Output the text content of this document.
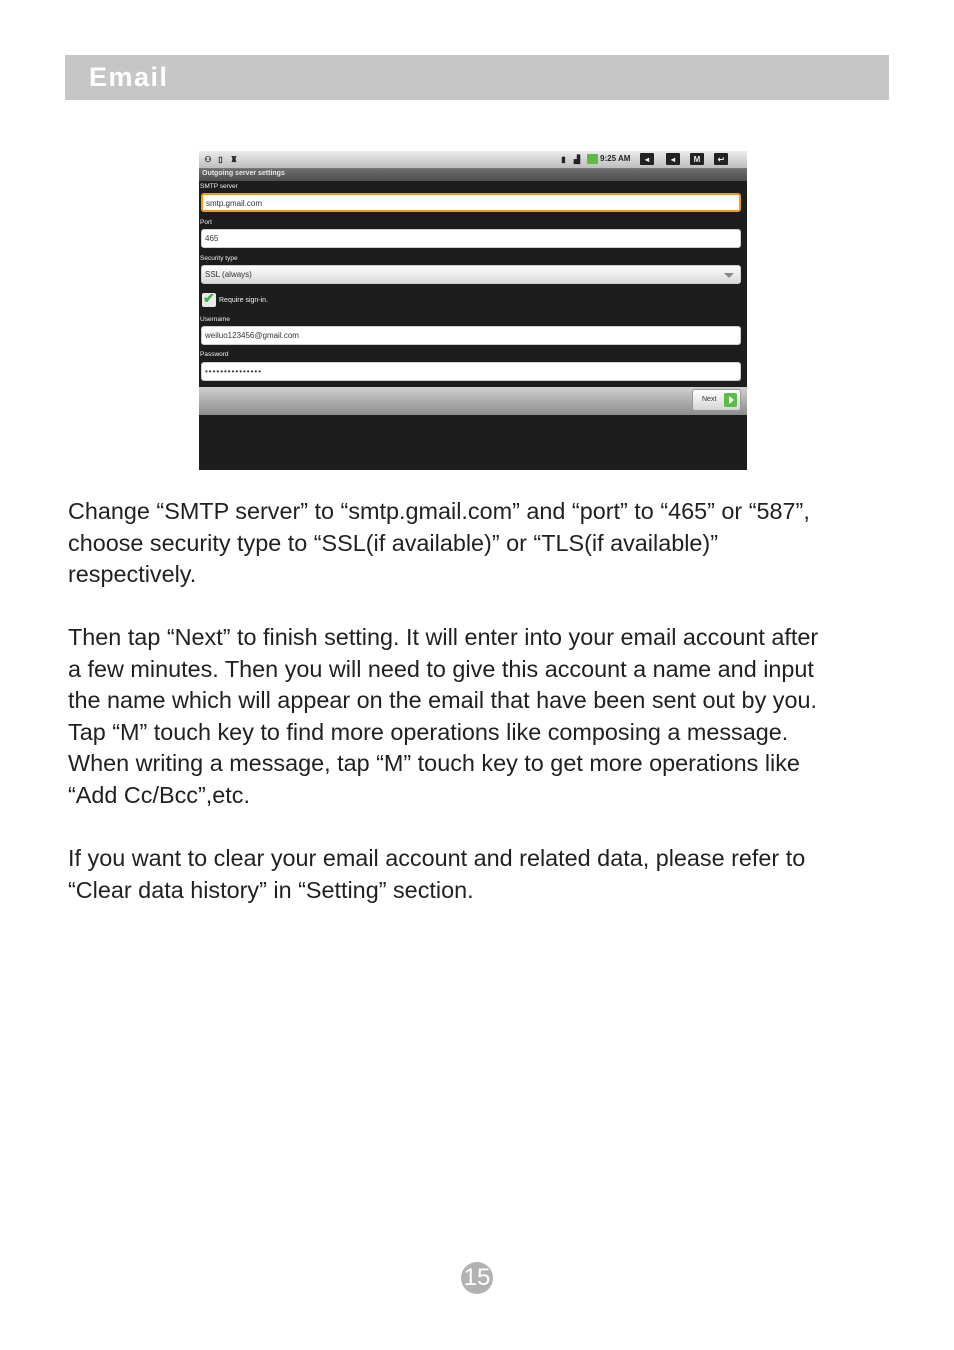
Email
⚇ ▯ ♜	▮	▟	9:25 AM	◂	◂	M	↩
Outgoing server settings
SMTP server
smtp.gmail.com
Port
465
Security type
SSL (always)
✔ Require sign-in.
Username
weiluo123456@gmail.com
Password
•••••••••••••••
Next

Change “SMTP server” to “smtp.gmail.com” and “port” to “465” or “587”,
choose security type to “SSL(if available)” or “TLS(if available)”
respectively.

Then tap “Next” to finish setting. It will enter into your email account after
a few minutes. Then you will need to give this account a name and input
the name which will appear on the email that have been sent out by you.
Tap “M” touch key to find more operations like composing a message.
When writing a message, tap “M” touch key to get more operations like
“Add Cc/Bcc”,etc.

If you want to clear your email account and related data, please refer to
“Clear data history” in “Setting” section.

15
